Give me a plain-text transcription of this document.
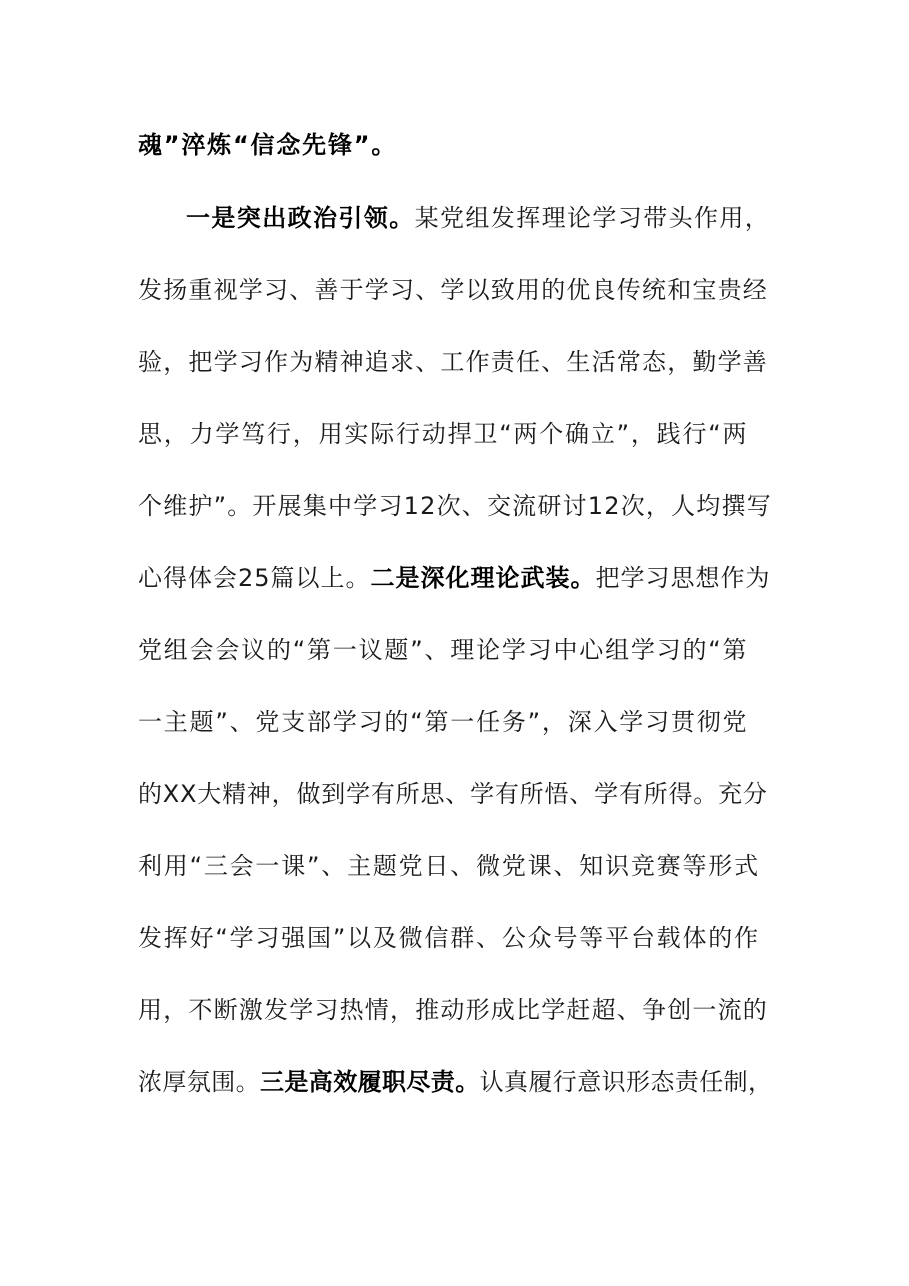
魂”淬炼“信念先锋”。
一是突出政治引领。某党组发挥理论学习带头作用，
发扬重视学习、善于学习、学以致用的优良传统和宝贵经
验，把学习作为精神追求、工作责任、生活常态，勤学善
思，力学笃行，用实际行动捍卫“两个确立”，践行“两
个维护”。开展集中学习12次、交流研讨12次，人均撰写
心得体会25篇以上。二是深化理论武装。把学习思想作为
党组会会议的“第一议题”、理论学习中心组学习的“第
一主题”、党支部学习的“第一任务”，深入学习贯彻党
的XX大精神，做到学有所思、学有所悟、学有所得。充分
利用“三会一课”、主题党日、微党课、知识竞赛等形式
发挥好“学习强国”以及微信群、公众号等平台载体的作
用，不断激发学习热情，推动形成比学赶超、争创一流的
浓厚氛围。三是高效履职尽责。认真履行意识形态责任制，
